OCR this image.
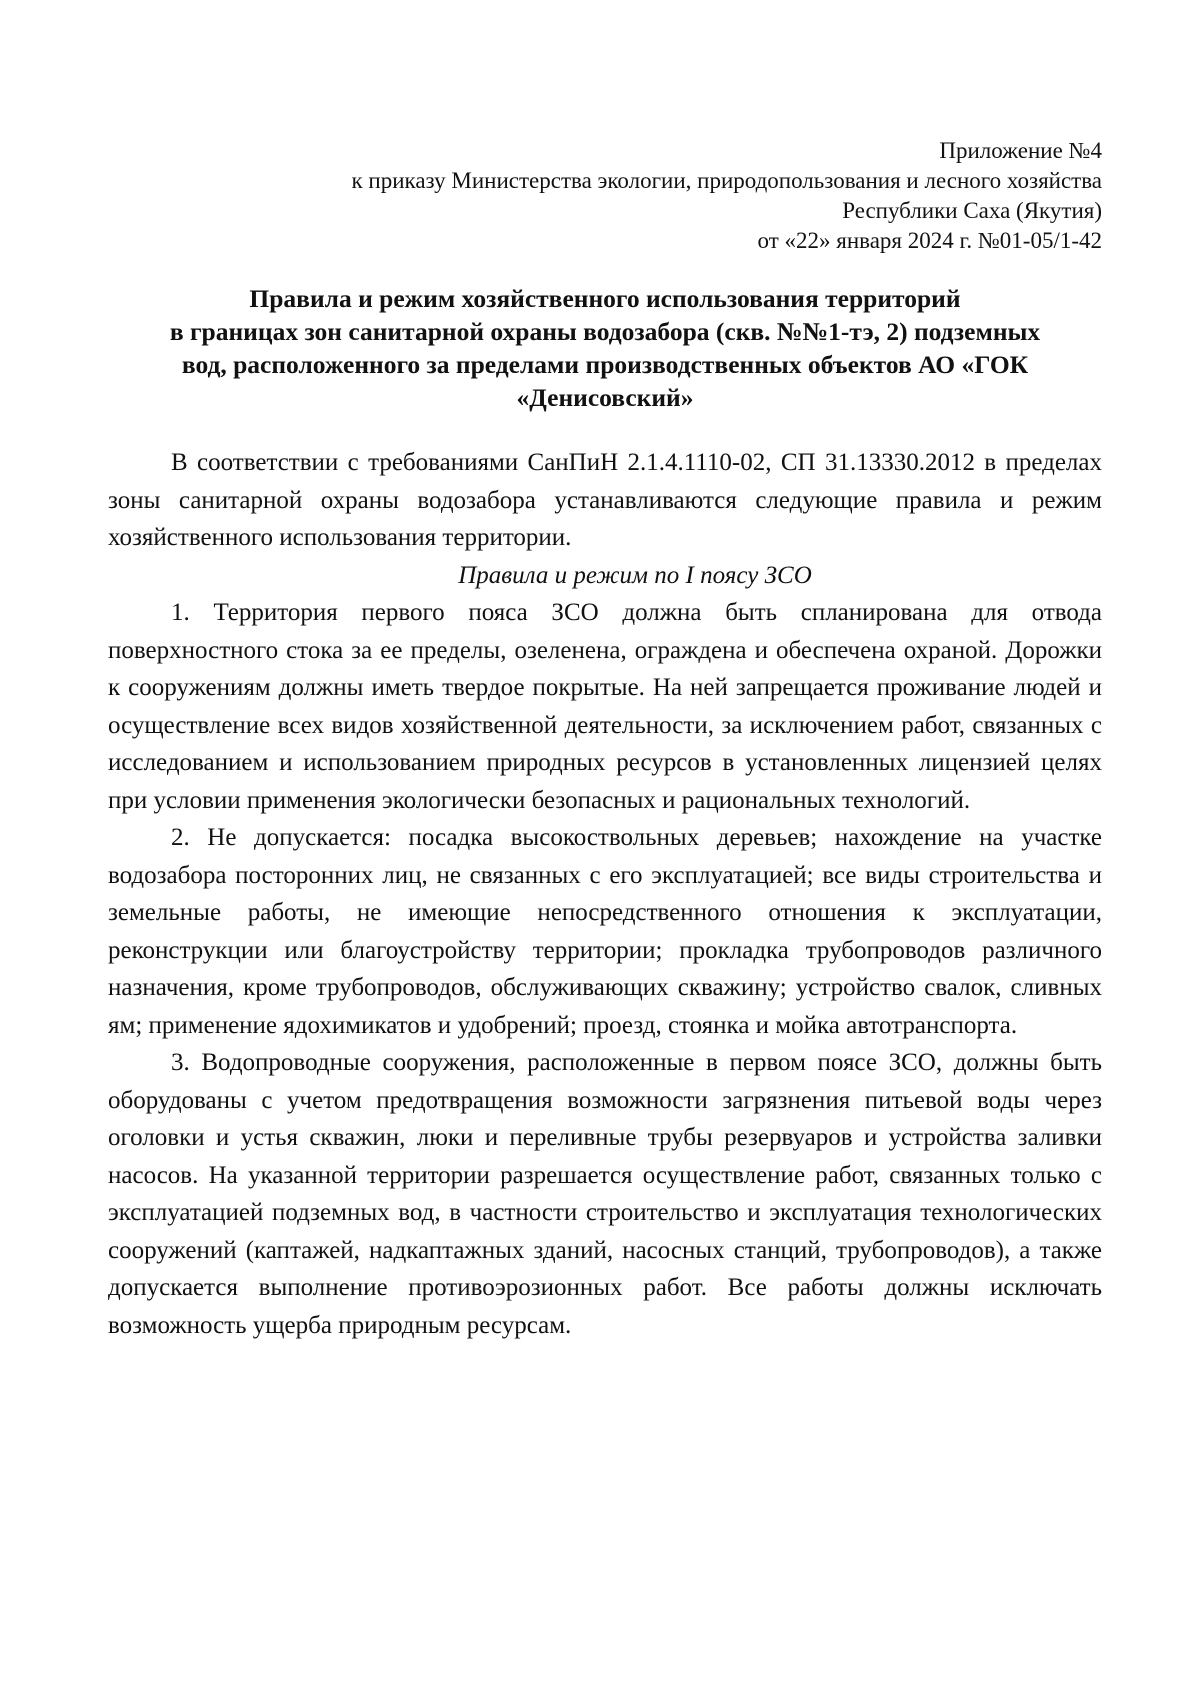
Приложение №4
к приказу Министерства экологии, природопользования и лесного хозяйства
Республики Саха (Якутия)
от «22» января 2024 г. №01-05/1-42
Правила и режим хозяйственного использования территорий
в границах зон санитарной охраны водозабора (скв. №№1-тэ, 2) подземных
вод, расположенного за пределами производственных объектов АО «ГОК
«Денисовский»

В соответствии с требованиями СанПиН 2.1.4.1110-02, СП 31.13330.2012 в пределах зоны санитарной охраны водозабора устанавливаются следующие правила и режим хозяйственного использования территории.

Правила и режим по I поясу ЗСО

1. Территория первого пояса ЗСО должна быть спланирована для отвода поверхностного стока за ее пределы, озеленена, ограждена и обеспечена охраной. Дорожки к сооружениям должны иметь твердое покрытые. На ней запрещается проживание людей и осуществление всех видов хозяйственной деятельности, за исключением работ, связанных с исследованием и использованием природных ресурсов в установленных лицензией целях при условии применения экологически безопасных и рациональных технологий.

2. Не допускается: посадка высокоствольных деревьев; нахождение на участке водозабора посторонних лиц, не связанных с его эксплуатацией; все виды строительства и земельные работы, не имеющие непосредственного отношения к эксплуатации, реконструкции или благоустройству территории; прокладка трубопроводов различного назначения, кроме трубопроводов, обслуживающих скважину; устройство свалок, сливных ям; применение ядохимикатов и удобрений; проезд, стоянка и мойка автотранспорта.

3. Водопроводные сооружения, расположенные в первом поясе ЗСО, должны быть оборудованы с учетом предотвращения возможности загрязнения питьевой воды через оголовки и устья скважин, люки и переливные трубы резервуаров и устройства заливки насосов. На указанной территории разрешается осуществление работ, связанных только с эксплуатацией подземных вод, в частности строительство и эксплуатация технологических сооружений (каптажей, надкаптажных зданий, насосных станций, трубопроводов), а также допускается выполнение противоэрозионных работ. Все работы должны исключать возможность ущерба природным ресурсам.
